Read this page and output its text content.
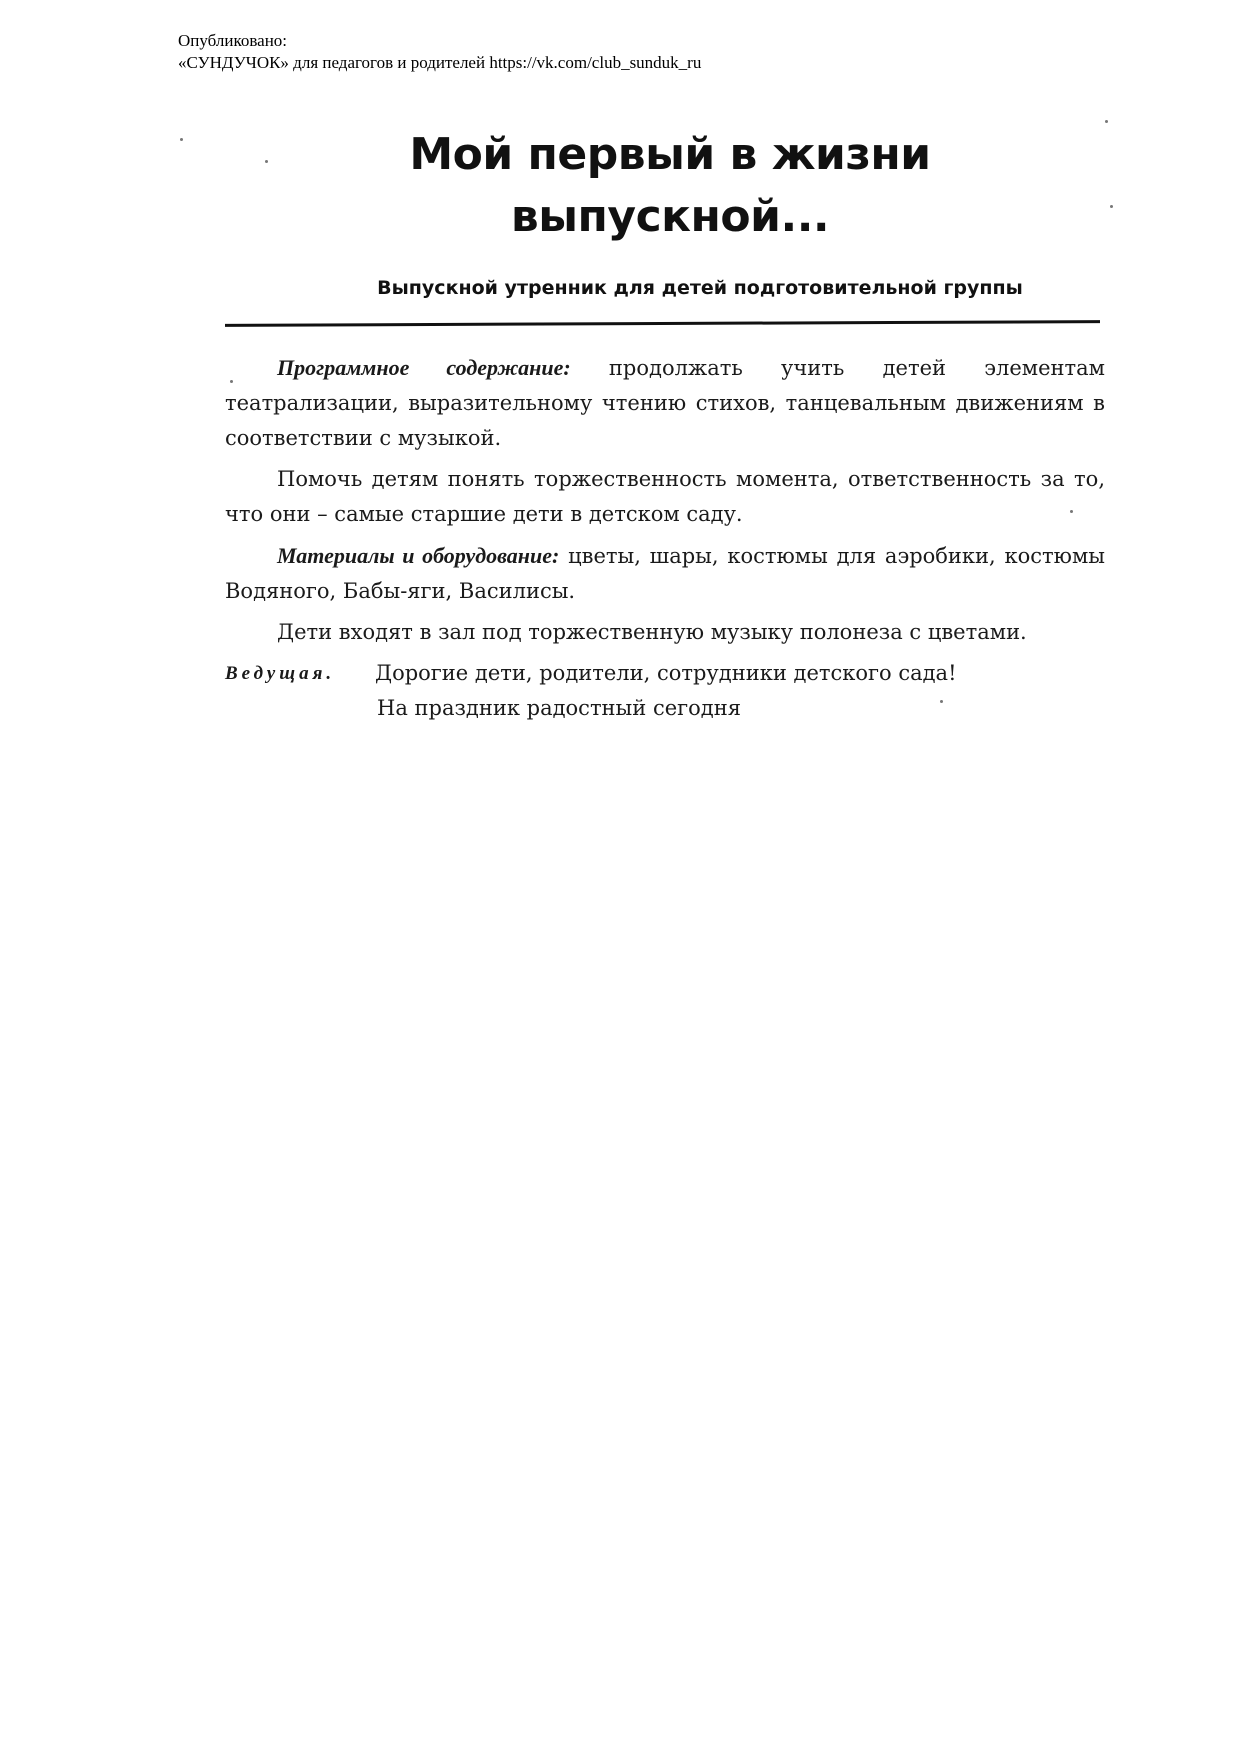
Опубликовано:
«СУНДУЧОК» для педагогов и родителей https://vk.com/club_sunduk_ru
Мой первый в жизни
выпускной...
Выпускной утренник для детей подготовительной группы

Программное содержание: продолжать учить детей элементам театрализации, выразительному чтению стихов, танцевальным движениям в соответствии с музыкой.

Помочь детям понять торжественность момента, ответственность за то, что они – самые старшие дети в детском саду.

Материалы и оборудование: цветы, шары, костюмы для аэробики, костюмы Водяного, Бабы-яги, Василисы.

Дети входят в зал под торжественную музыку полонеза с цветами.

Ведущая.	Дорогие дети, родители, сотрудники детского сада!
На праздник радостный сегодня
